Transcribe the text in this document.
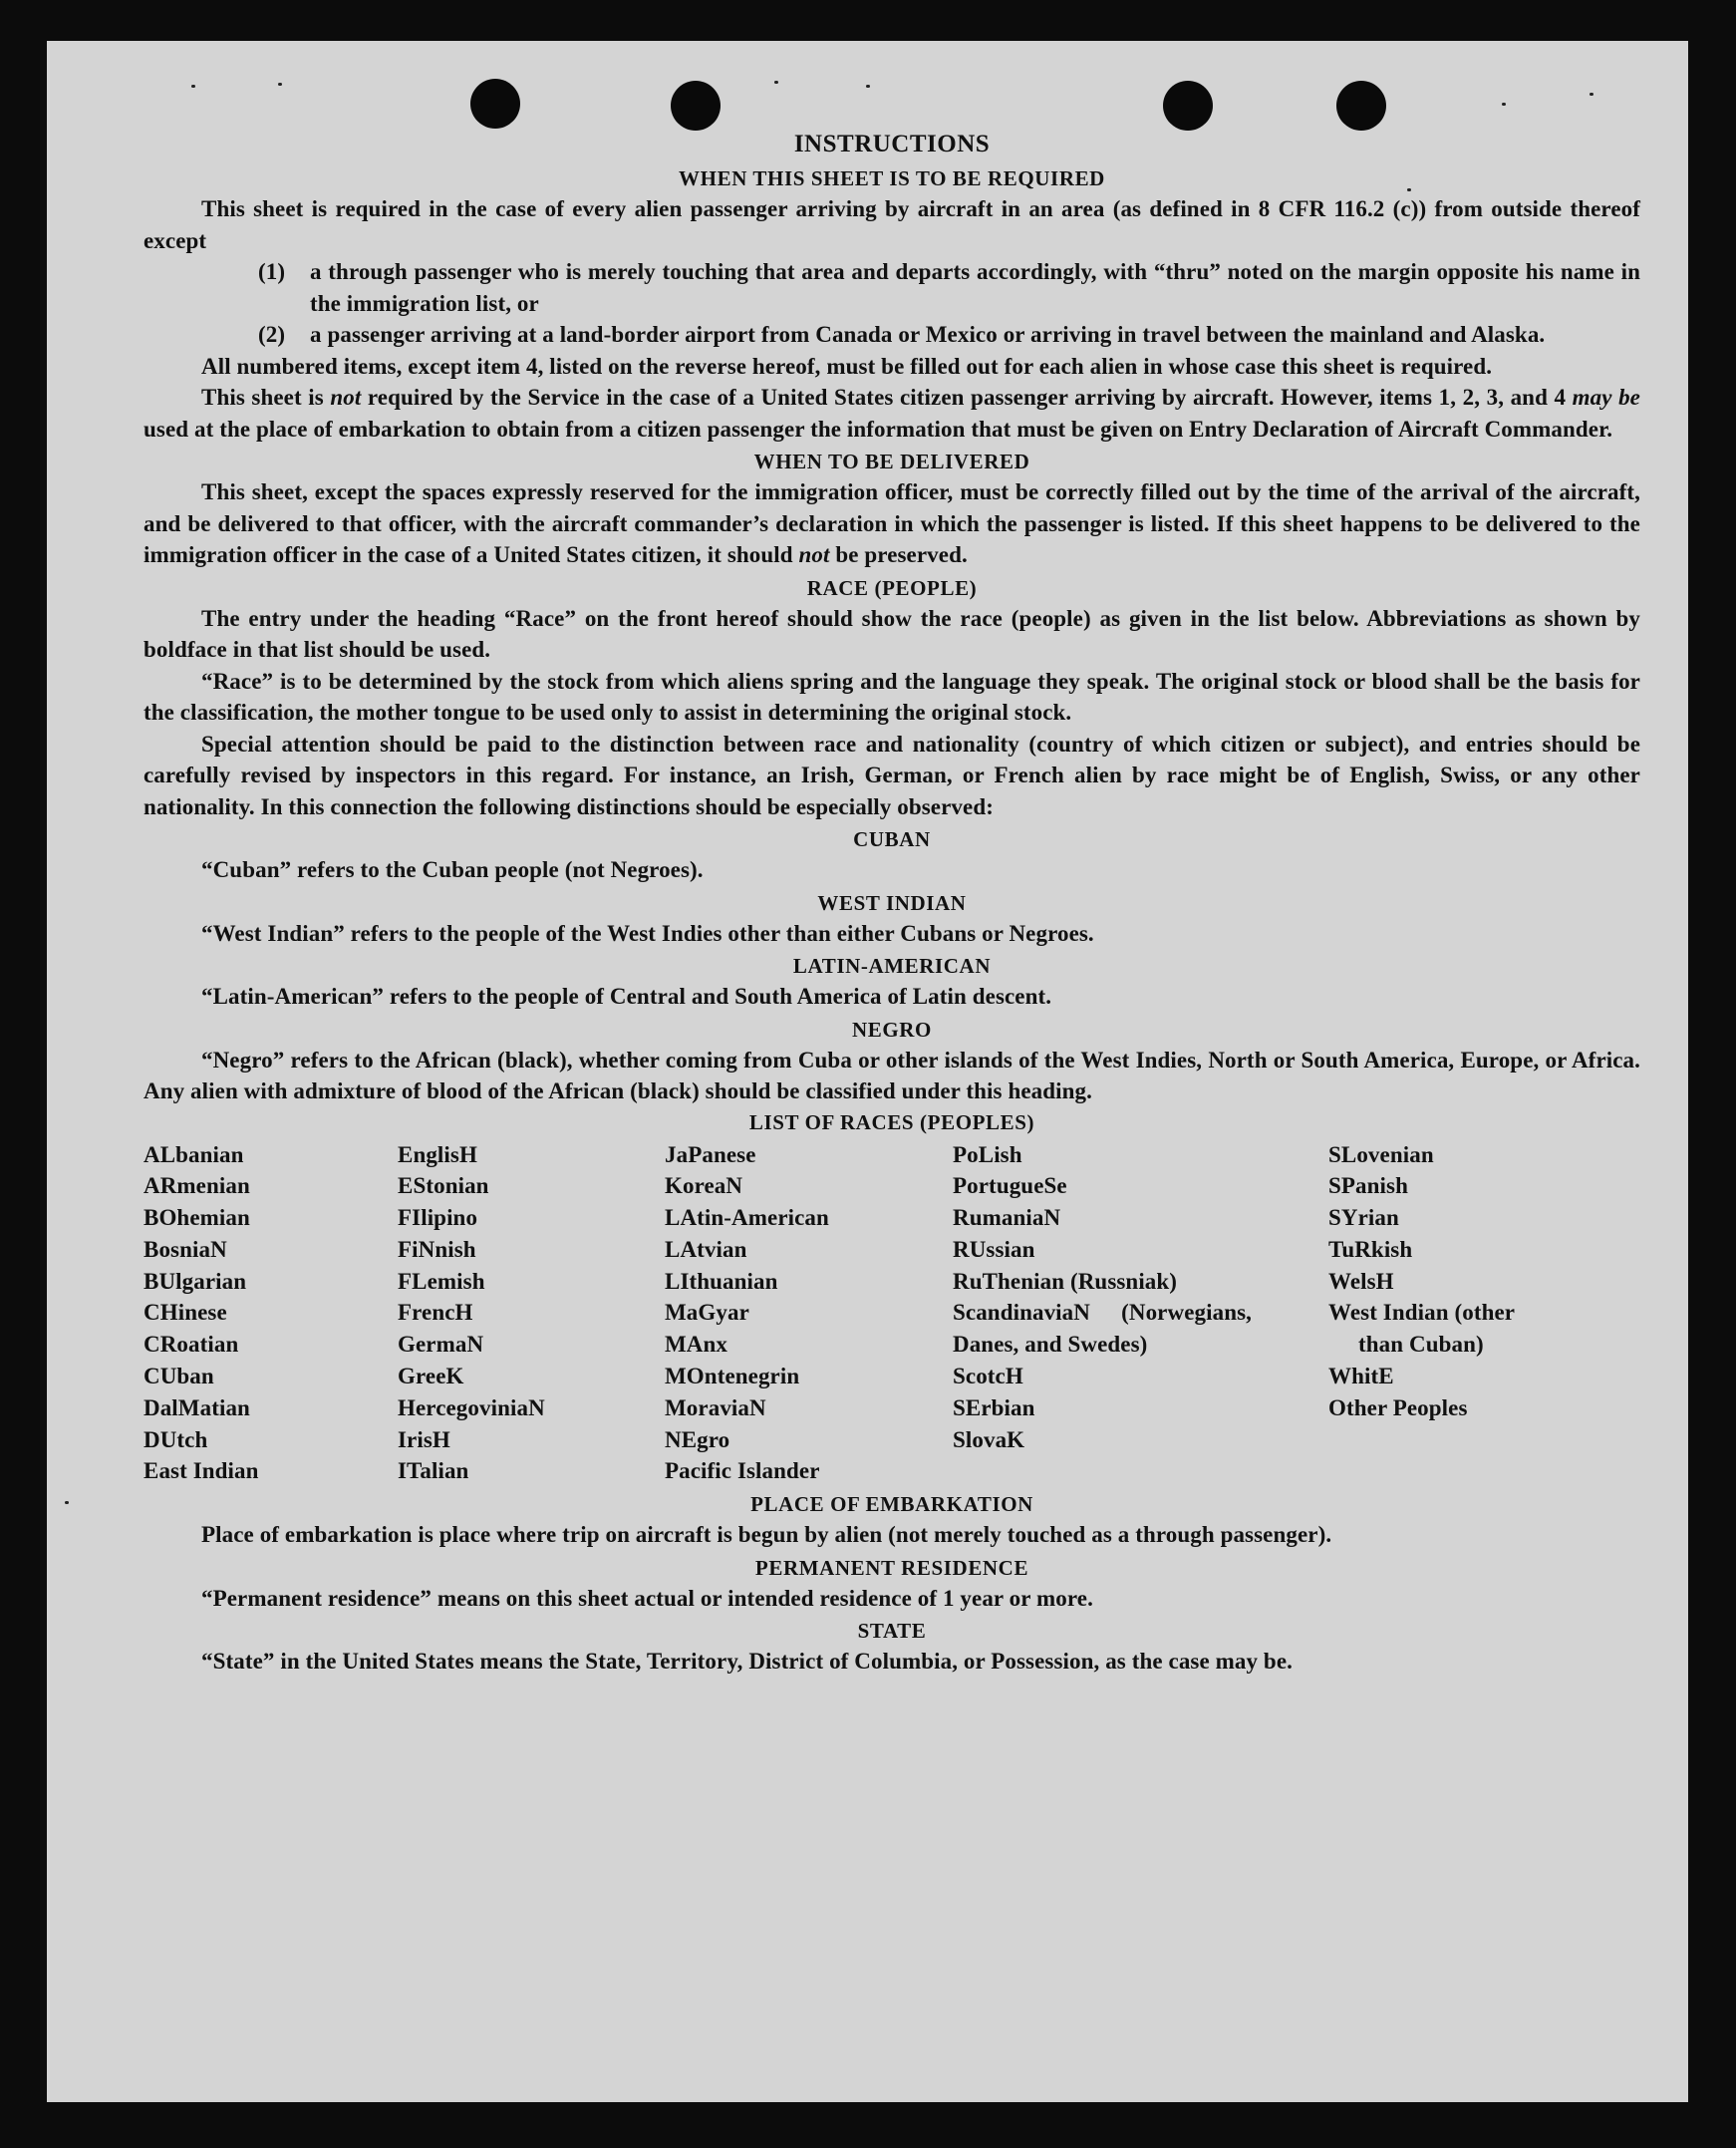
INSTRUCTIONS
WHEN THIS SHEET IS TO BE REQUIRED

This sheet is required in the case of every alien passenger arriving by aircraft in an area (as defined in 8 CFR 116.2 (c)) from outside thereof except

(1)	a through passenger who is merely touching that area and departs accordingly, with “thru” noted on the margin opposite his name in the immigration list, or
(2)	a passenger arriving at a land-border airport from Canada or Mexico or arriving in travel between the mainland and Alaska.

All numbered items, except item 4, listed on the reverse hereof, must be filled out for each alien in whose case this sheet is required.

This sheet is not required by the Service in the case of a United States citizen passenger arriving by aircraft. However, items 1, 2, 3, and 4 may be used at the place of embarkation to obtain from a citizen passenger the information that must be given on Entry Declaration of Aircraft Commander.

WHEN TO BE DELIVERED

This sheet, except the spaces expressly reserved for the immigration officer, must be correctly filled out by the time of the arrival of the aircraft, and be delivered to that officer, with the aircraft commander’s declaration in which the passenger is listed. If this sheet happens to be delivered to the immigration officer in the case of a United States citizen, it should not be preserved.

RACE (PEOPLE)

The entry under the heading “Race” on the front hereof should show the race (people) as given in the list below. Abbreviations as shown by boldface in that list should be used.

“Race” is to be determined by the stock from which aliens spring and the language they speak. The original stock or blood shall be the basis for the classification, the mother tongue to be used only to assist in determining the original stock.

Special attention should be paid to the distinction between race and nationality (country of which citizen or subject), and entries should be carefully revised by inspectors in this regard. For instance, an Irish, German, or French alien by race might be of English, Swiss, or any other nationality. In this connection the following distinctions should be especially observed:

CUBAN

“Cuban” refers to the Cuban people (not Negroes).

WEST INDIAN

“West Indian” refers to the people of the West Indies other than either Cubans or Negroes.

LATIN-AMERICAN

“Latin-American” refers to the people of Central and South America of Latin descent.

NEGRO

“Negro” refers to the African (black), whether coming from Cuba or other islands of the West Indies, North or South America, Europe, or Africa. Any alien with admixture of blood of the African (black) should be classified under this heading.

LIST OF RACES (PEOPLES)
ALbanian
ARmenian
BOhemian
BosniaN
BUlgarian
CHinese
CRoatian
CUban
DalMatian
DUtch
East Indian
EnglisH
EStonian
FIlipino
FiNnish
FLemish
FrencH
GermaN
GreeK
HercegoviniaN
IrisH
ITalian
JaPanese
KoreaN
LAtin-American
LAtvian
LIthuanian
MaGyar
MAnx
MOntenegrin
MoraviaN
NEgro
Pacific Islander
PoLish
PortugueSe
RumaniaN
RUssian
RuThenian (Russniak)
ScandinaviaN (Norwegians, Danes, and Swedes)
ScotcH
SErbian
SlovaK
SLovenian
SPanish
SYrian
TuRkish
WelsH
West Indian (other
than Cuban)
WhitE
Other Peoples
PLACE OF EMBARKATION

Place of embarkation is place where trip on aircraft is begun by alien (not merely touched as a through passenger).

PERMANENT RESIDENCE

“Permanent residence” means on this sheet actual or intended residence of 1 year or more.

STATE

“State” in the United States means the State, Territory, District of Columbia, or Possession, as the case may be.
